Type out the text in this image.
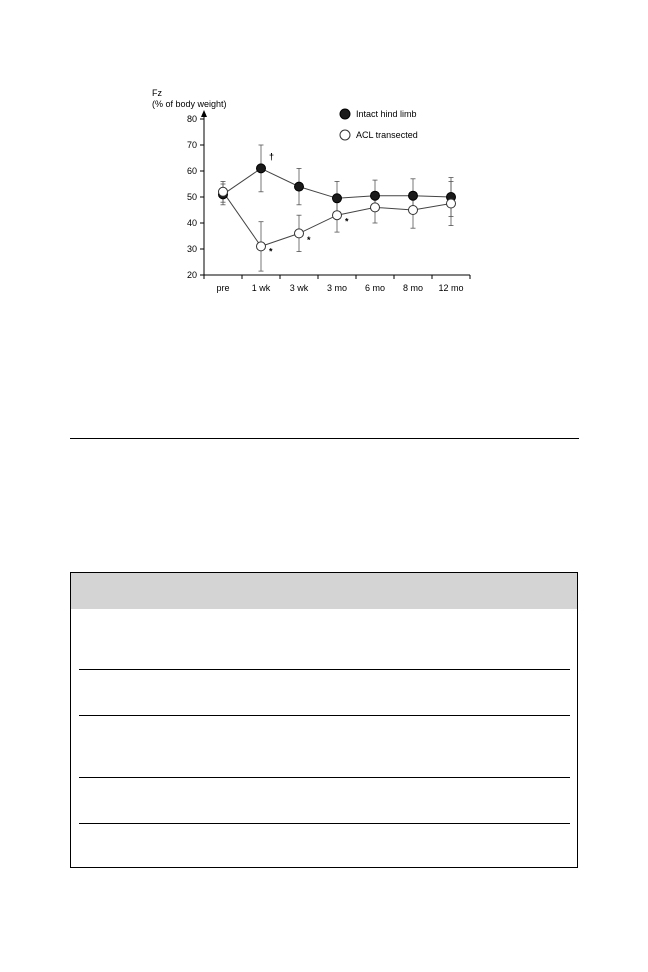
Fz
(% of body weight)
20
30
40
50
60
70
80
pre 1 wk 3 wk 3 mo 6 mo 8 mo 12 mo
†
*
*
*
Intact hind limb
ACL transected
